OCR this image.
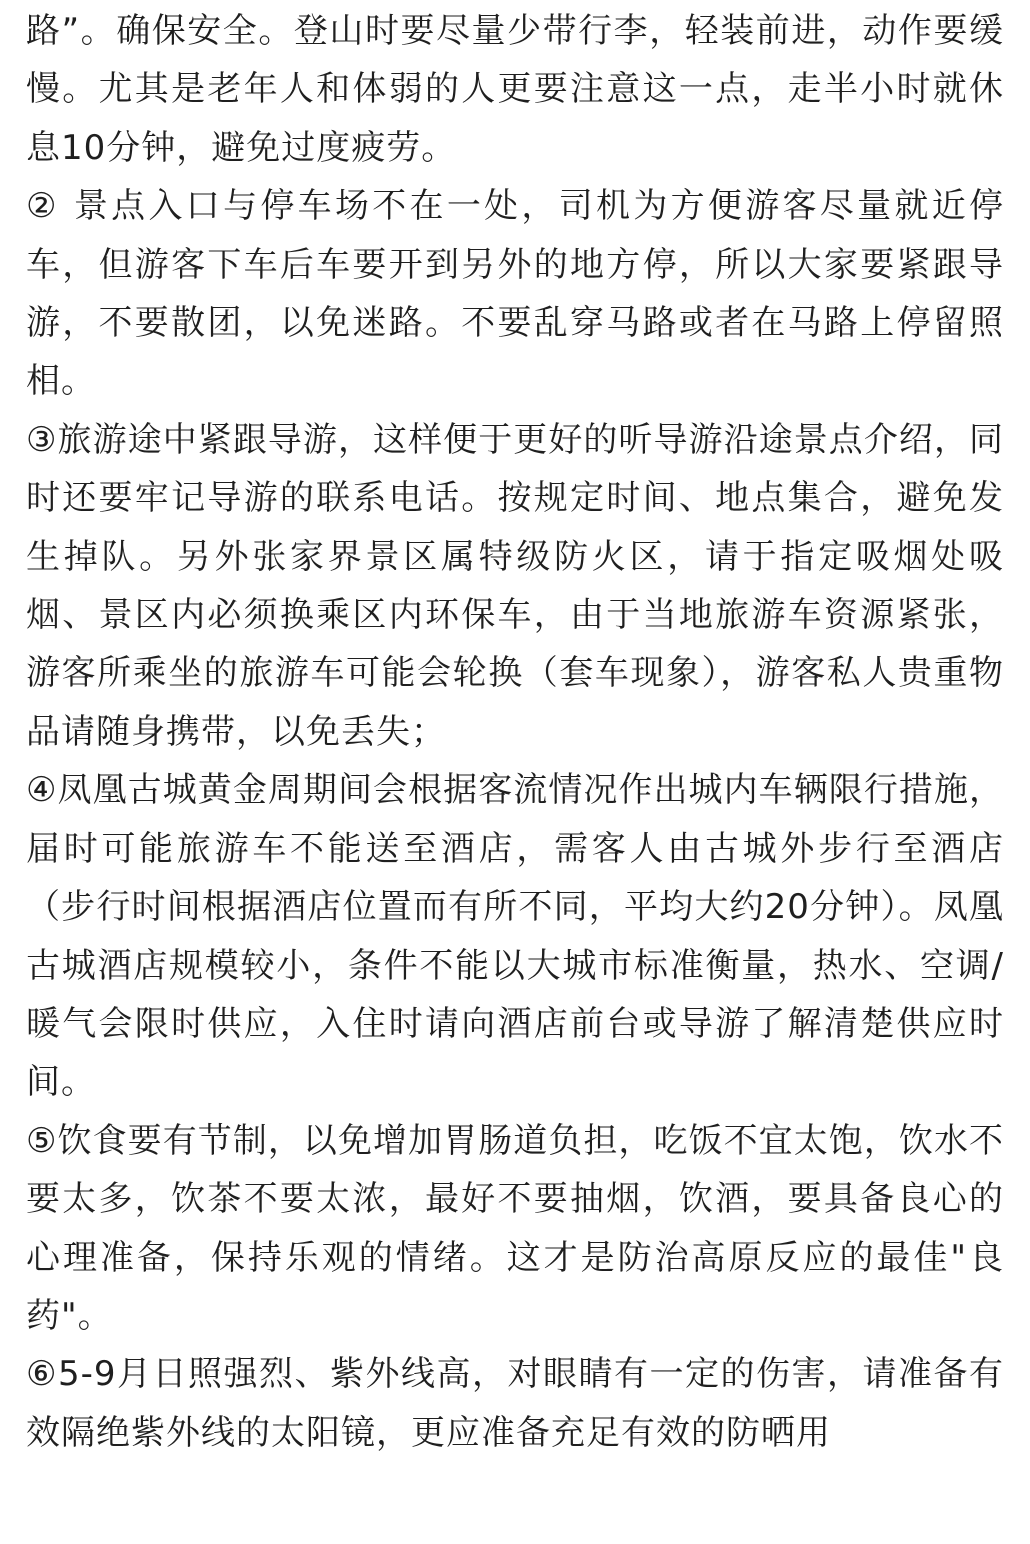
路”。确保安全。登山时要尽量少带行李，轻装前进，动作要缓慢。尤其是老年人和体弱的人更要注意这一点，走半小时就休息10分钟，避免过度疲劳。

② 景点入口与停车场不在一处，司机为方便游客尽量就近停车，但游客下车后车要开到另外的地方停，所以大家要紧跟导游，不要散团，以免迷路。不要乱穿马路或者在马路上停留照相。

③旅游途中紧跟导游，这样便于更好的听导游沿途景点介绍，同时还要牢记导游的联系电话。按规定时间、地点集合，避免发生掉队。另外张家界景区属特级防火区，请于指定吸烟处吸烟、景区内必须换乘区内环保车，由于当地旅游车资源紧张，游客所乘坐的旅游车可能会轮换（套车现象），游客私人贵重物品请随身携带，以免丢失；

④凤凰古城黄金周期间会根据客流情况作出城内车辆限行措施，届时可能旅游车不能送至酒店，需客人由古城外步行至酒店（步行时间根据酒店位置而有所不同，平均大约20分钟）。凤凰古城酒店规模较小，条件不能以大城市标准衡量，热水、空调/暖气会限时供应，入住时请向酒店前台或导游了解清楚供应时间。

⑤饮食要有节制，以免增加胃肠道负担，吃饭不宜太饱，饮水不要太多，饮茶不要太浓，最好不要抽烟，饮酒，要具备良心的心理准备，保持乐观的情绪。这才是防治高原反应的最佳"良药"。

⑥5-9月日照强烈、紫外线高，对眼睛有一定的伤害，请准备有效隔绝紫外线的太阳镜，更应准备充足有效的防晒用
